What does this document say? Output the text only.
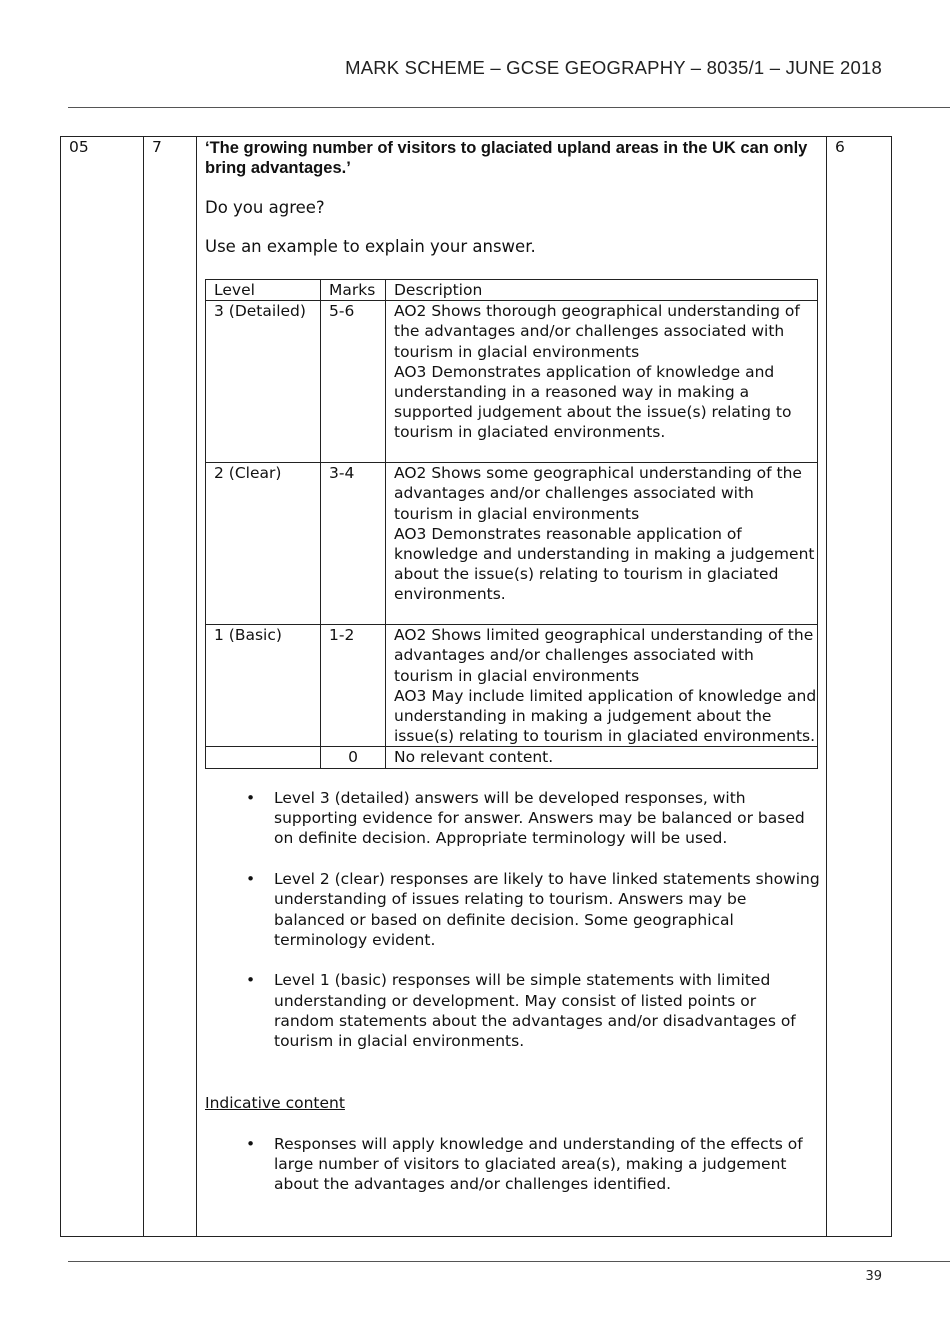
MARK SCHEME – GCSE GEOGRAPHY – 8035/1 – JUNE 2018
05	7	‘The growing number of visitors to glaciated upland areas in the UK can only bring advantages.’
Do you agree?
Use an example to explain your answer.
Level	Marks	Description
3 (Detailed)	5-6	AO2 Shows thorough geographical understanding of the advantages and/or challenges associated with tourism in glacial environments
AO3 Demonstrates application of knowledge and understanding in a reasoned way in making a supported judgement about the issue(s) relating to tourism in glaciated environments.

2 (Clear)	3-4	AO2 Shows some geographical understanding of the advantages and/or challenges associated with tourism in glacial environments
AO3 Demonstrates reasonable application of knowledge and understanding in making a judgement about the issue(s) relating to tourism in glaciated environments.

1 (Basic)	1-2	AO2 Shows limited geographical understanding of the advantages and/or challenges associated with tourism in glacial environments
AO3 May include limited application of knowledge and understanding in making a judgement about the issue(s) relating to tourism in glaciated environments.

	0	No relevant content.
• Level 3 (detailed) answers will be developed responses, with supporting evidence for answer. Answers may be balanced or based on definite decision. Appropriate terminology will be used.
• Level 2 (clear) responses are likely to have linked statements showing understanding of issues relating to tourism. Answers may be balanced or based on definite decision. Some geographical terminology evident.
• Level 1 (basic) responses will be simple statements with limited understanding or development. May consist of listed points or random statements about the advantages and/or disadvantages of tourism in glacial environments.
Indicative content
• Responses will apply knowledge and understanding of the effects of large number of visitors to glaciated area(s), making a judgement about the advantages and/or challenges identified.
6
39
